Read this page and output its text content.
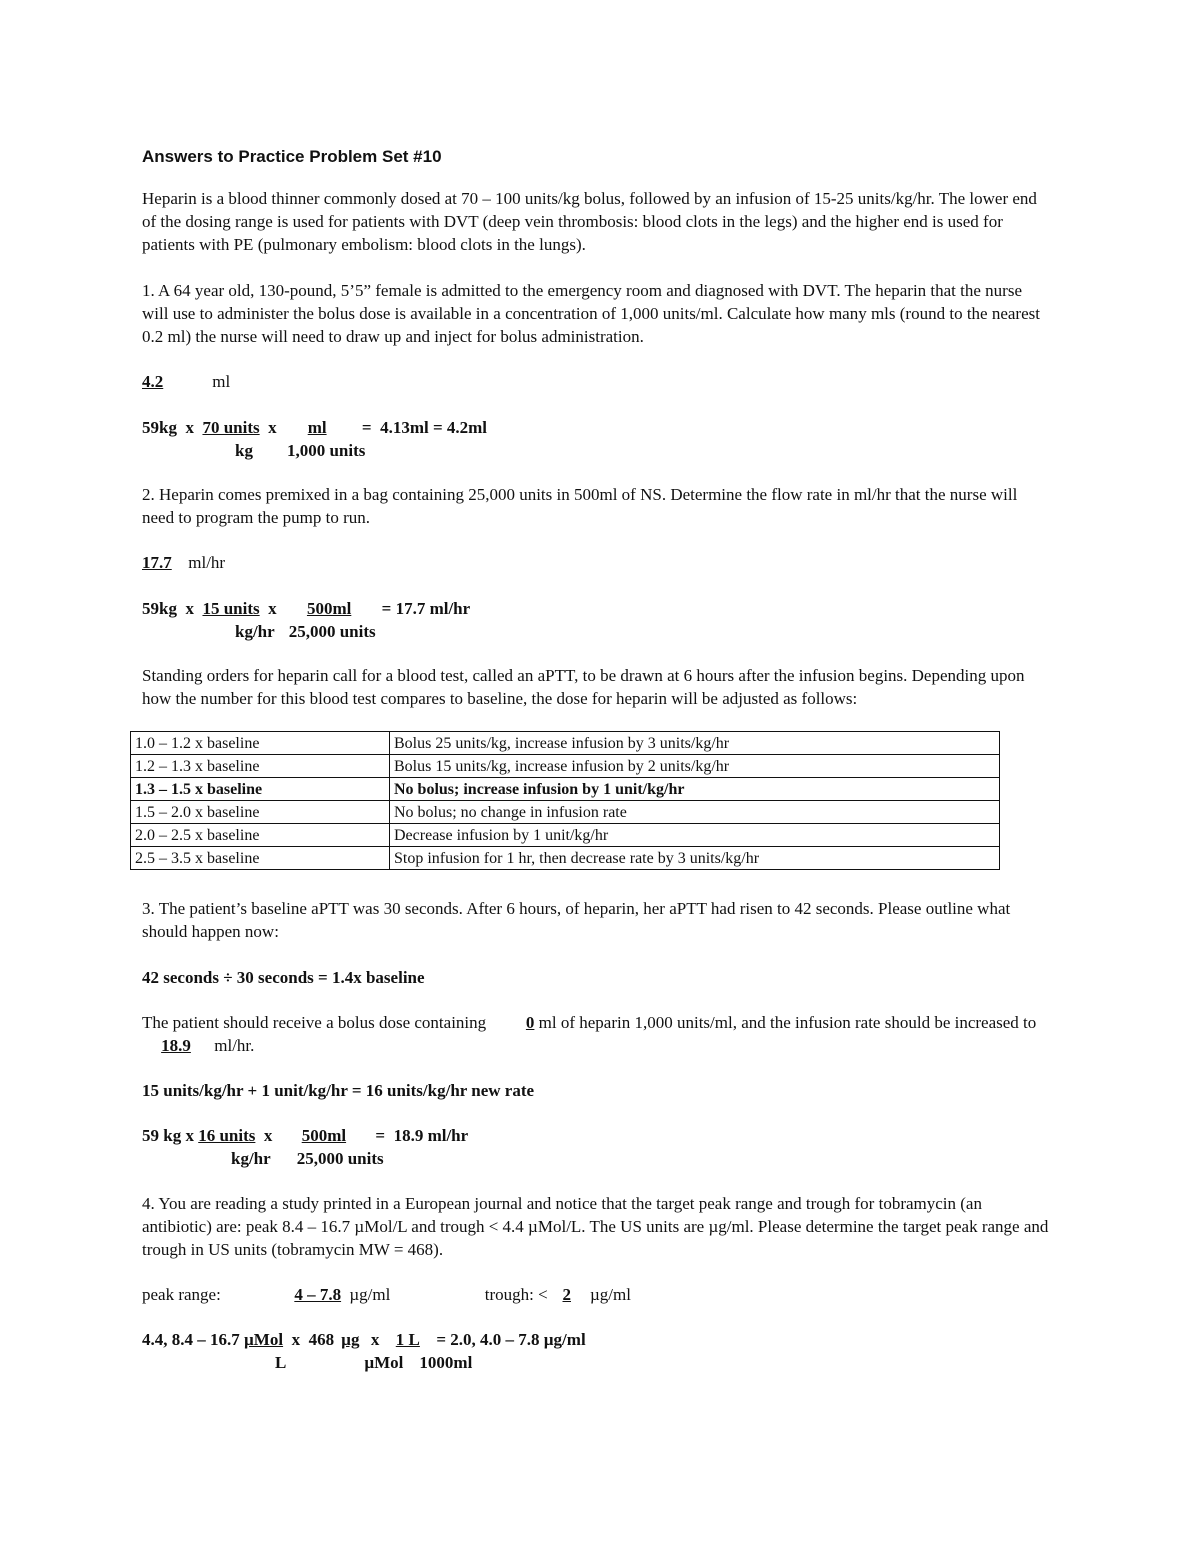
Answers to Practice Problem Set #10

Heparin is a blood thinner commonly dosed at 70 – 100 units/kg bolus, followed by an infusion of 15-25 units/kg/hr. The lower end of the dosing range is used for patients with DVT (deep vein thrombosis: blood clots in the legs) and the higher end is used for patients with PE (pulmonary embolism: blood clots in the lungs).

1. A 64 year old, 130-pound, 5’5” female is admitted to the emergency room and diagnosed with DVT. The heparin that the nurse will use to administer the bolus dose is available in a concentration of 1,000 units/ml. Calculate how many mls (round to the nearest 0.2 ml) the nurse will need to draw up and inject for bolus administration.

4.2	ml
59kg  x  70 units  x  ml   =  4.13ml = 4.2ml
kg 1,000 units

2. Heparin comes premixed in a bag containing 25,000 units in 500ml of NS. Determine the flow rate in ml/hr that the nurse will need to program the pump to run.

17.7 ml/hr
59kg  x  15 units  x  500ml  = 17.7 ml/hr
kg/hr 25,000 units

Standing orders for heparin call for a blood test, called an aPTT, to be drawn at 6 hours after the infusion begins. Depending upon how the number for this blood test compares to baseline, the dose for heparin will be adjusted as follows:

1.0 – 1.2 x baseline	Bolus 25 units/kg, increase infusion by 3 units/kg/hr
1.2 – 1.3 x baseline	Bolus 15 units/kg, increase infusion by 2 units/kg/hr
1.3 – 1.5 x baseline	No bolus; increase infusion by 1 unit/kg/hr
1.5 – 2.0 x baseline	No bolus; no change in infusion rate
2.0 – 2.5 x baseline	Decrease infusion by 1 unit/kg/hr
2.5 – 3.5 x baseline	Stop infusion for 1 hr, then decrease rate by 3 units/kg/hr

3. The patient’s baseline aPTT was 30 seconds. After 6 hours, of heparin, her aPTT had risen to 42 seconds. Please outline what should happen now:

42 seconds ÷ 30 seconds = 1.4x baseline

The patient should receive a bolus dose containing 0 ml of heparin 1,000 units/ml, and the infusion rate should be increased to 18.9 ml/hr.

15 units/kg/hr + 1 unit/kg/hr = 16 units/kg/hr new rate
59 kg x 16 units  x  500ml  =  18.9 ml/hr
kg/hr 25,000 units

4. You are reading a study printed in a European journal and notice that the target peak range and trough for tobramycin (an antibiotic) are: peak 8.4 – 16.7 µMol/L and trough < 4.4 µMol/L. The US units are µg/ml. Please determine the target peak range and trough in US units (tobramycin MW = 468).

peak range:	4 – 7.8 µg/ml	trough: < 2 µg/ml
4.4, 8.4 – 16.7 µMol  x  468 µg  x  1 L  = 2.0, 4.0 – 7.8 µg/ml
L	µMol 1000ml
